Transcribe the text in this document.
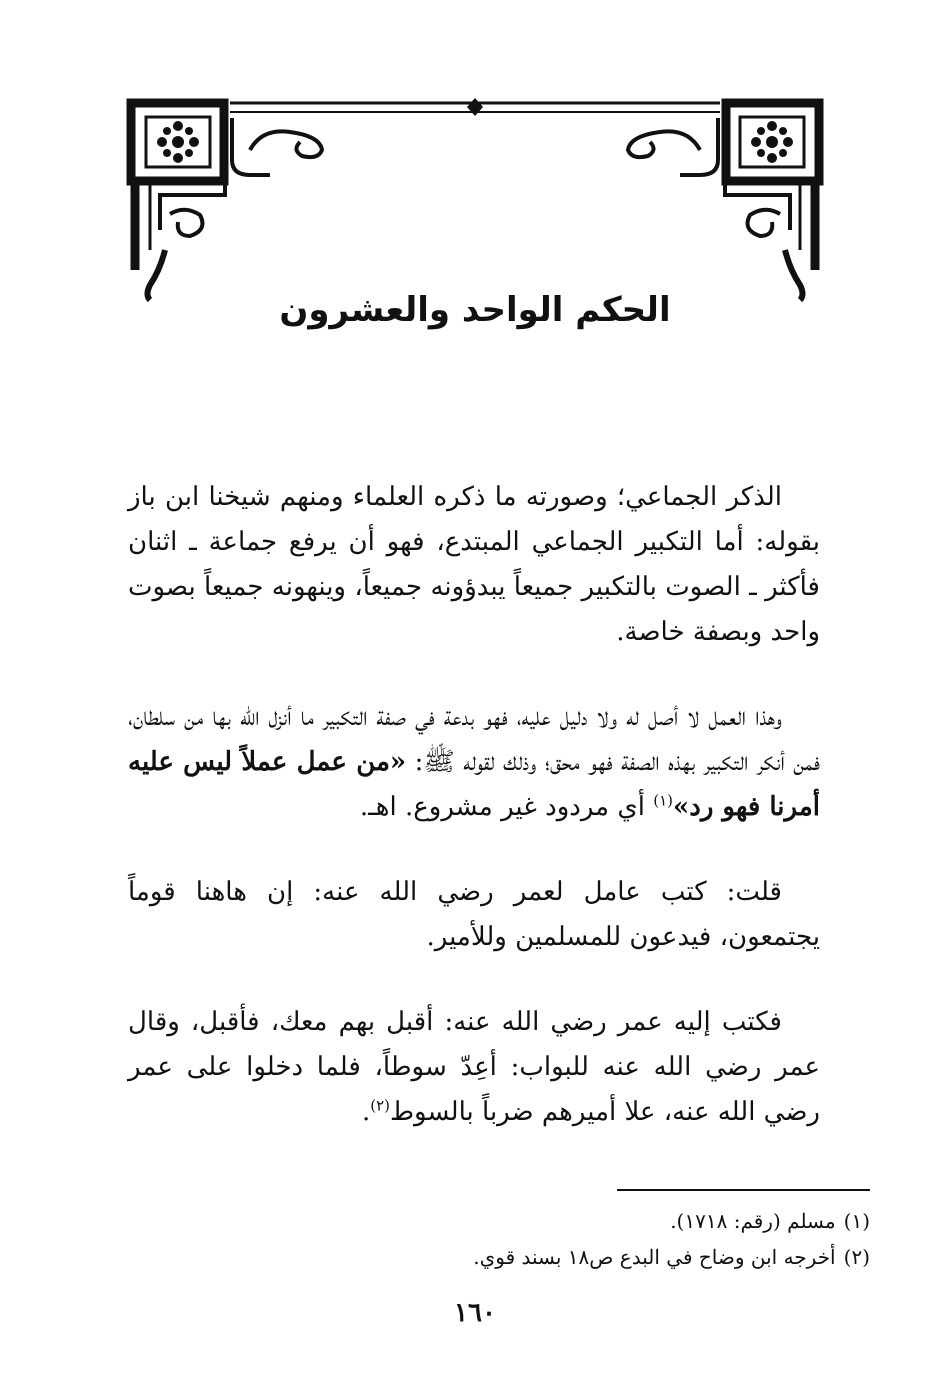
الحكم الواحد والعشرون

الذكر الجماعي؛ وصورته ما ذكره العلماء ومنهم شيخنا ابن باز بقوله: أما التكبير الجماعي المبتدع، فهو أن يرفع جماعة ـ اثنان فأكثر ـ الصوت بالتكبير جميعاً يبدؤونه جميعاً، وينهونه جميعاً بصوت واحد وبصفة خاصة.

وهذا العمل لا أصل له ولا دليل عليه، فهو بدعة في صفة التكبير ما أنزل الله بها من سلطان، فمن أنكر التكبير بهذه الصفة فهو محق؛ وذلك لقوله ﷺ: «من عمل عملاً ليس عليه أمرنا فهو رد»$^{(١)}$ أي مردود غير مشروع. اهـ.

قلت: كتب عامل لعمر رضي الله عنه: إن هاهنا قوماً يجتمعون، فيدعون للمسلمين وللأمير.

فكتب إليه عمر رضي الله عنه: أقبل بهم معك، فأقبل، وقال عمر رضي الله عنه للبواب: أعِدّ سوطاً، فلما دخلوا على عمر رضي الله عنه، علا أميرهم ضرباً بالسوط$^{(٢)}$.

(١)مسلم (رقم: ١٧١٨).

(٢)أخرجه ابن وضاح في البدع ص١٨ بسند قوي.

١٦٠
